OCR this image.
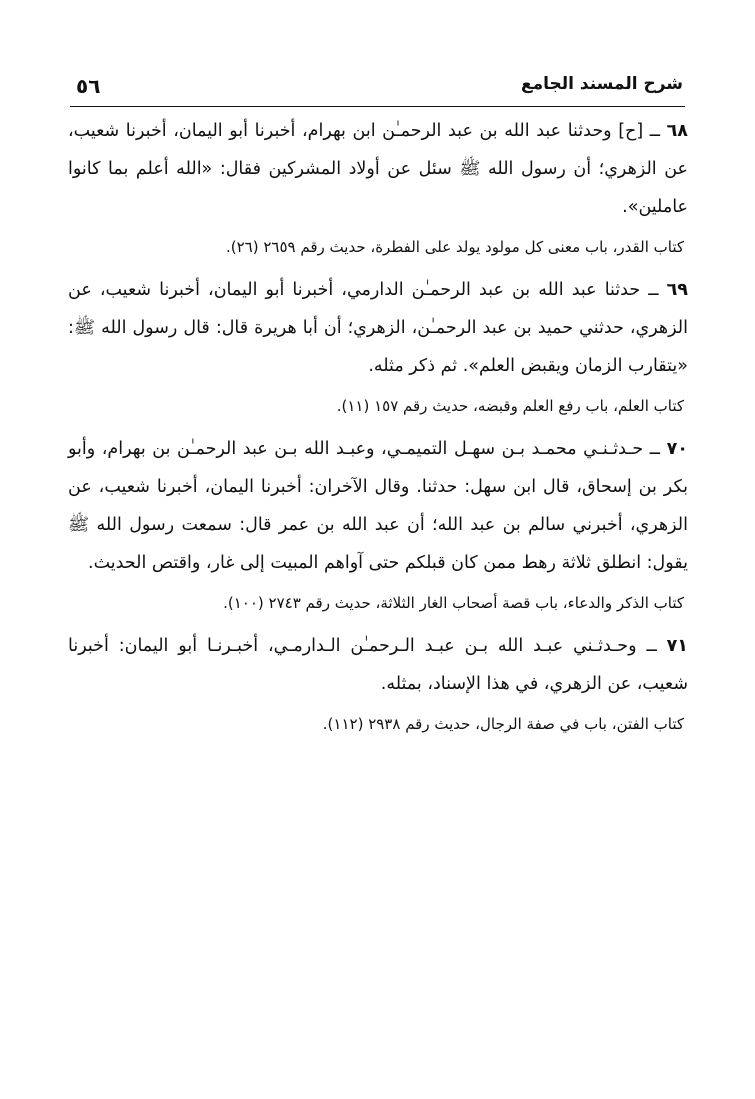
٥٦	شرح المسند الجامع

٦٨ ــ [ح] وحدثنا عبد الله بن عبد الرحمـٰن ابن بهرام، أخبرنا أبو اليمان، أخبرنا شعيب، عن الزهري؛ أن رسول الله ﷺ سئل عن أولاد المشركين فقال: «الله أعلم بما كانوا عاملين».

كتاب القدر، باب معنى كل مولود يولد على الفطرة، حديث رقم ٢٦٥٩ (٢٦).

٦٩ ــ حدثنا عبد الله بن عبد الرحمـٰن الدارمي، أخبرنا أبو اليمان، أخبرنا شعيب، عن الزهري، حدثني حميد بن عبد الرحمـٰن، الزهري؛ أن أبا هريرة قال: قال رسول الله ﷺ: «يتقارب الزمان ويقبض العلم». ثم ذكر مثله.

كتاب العلم، باب رفع العلم وقبضه، حديث رقم ١٥٧ (١١).

٧٠ ــ حـدثـنـي محمـد بـن سهـل التميمـي، وعبـد الله بـن عبد الرحمـٰن بن بهرام، وأبو بكر بن إسحاق، قال ابن سهل: حدثنا. وقال الآخران: أخبرنا اليمان، أخبرنا شعيب، عن الزهري، أخبرني سالم بن عبد الله؛ أن عبد الله بن عمر قال: سمعت رسول الله ﷺ يقول: انطلق ثلاثة رهط ممن كان قبلكم حتى آواهم المبيت إلى غار، واقتص الحديث.

كتاب الذكر والدعاء، باب قصة أصحاب الغار الثلاثة، حديث رقم ٢٧٤٣ (١٠٠).

٧١ ــ وحـدثـني عبـد الله بـن عبـد الـرحمـٰن الـدارمـي، أخبـرنـا أبو اليمان: أخبرنا شعيب، عن الزهري، في هذا الإسناد، بمثله.

كتاب الفتن، باب في صفة الرجال، حديث رقم ٢٩٣٨ (١١٢).
